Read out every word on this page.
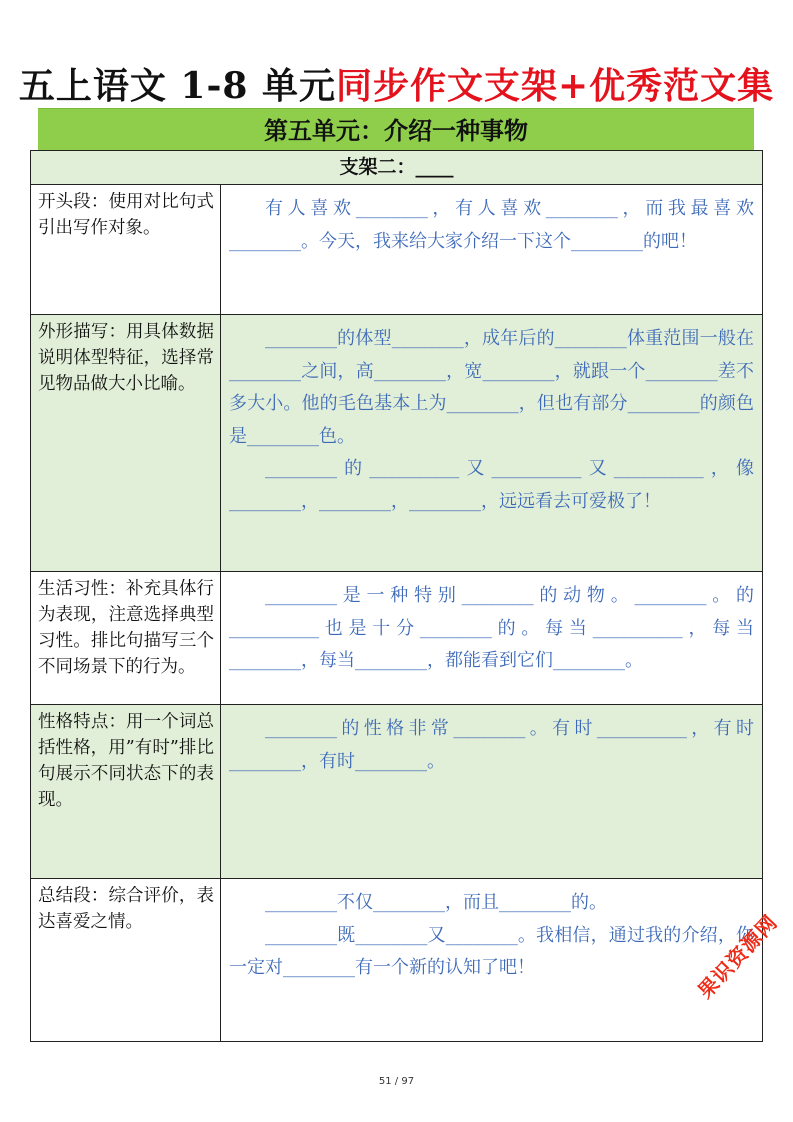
五上语文 1-8 单元同步作文支架+优秀范文集
第五单元：介绍一种事物
支架二：____	
开头段：使用对比句式引出写作对象。	有人喜欢________，有人喜欢________，而我最喜欢________。今天，我来给大家介绍一下这个________的吧！

外形描写：用具体数据说明体型特征，选择常见物品做大小比喻。	________的体型________，成年后的________体重范围一般在________之间，高________，宽________，就跟一个________差不多大小。他的毛色基本上为________，但也有部分________的颜色是________色。

________的__________又__________又__________，像________，________，________，远远看去可爱极了！

生活习性：补充具体行为表现，注意选择典型习性。排比句描写三个不同场景下的行为。	________是一种特别________的动物。________。的__________也是十分________的。每当__________，每当________，每当________，都能看到它们________。

性格特点：用一个词总括性格，用”有时”排比句展示不同状态下的表现。	________的性格非常________。有时__________，有时________，有时________。

总结段：综合评价，表达喜爱之情。	________不仅________，而且________的。

________既________又________。我相信，通过我的介绍，你一定对________有一个新的认知了吧！	果识资源网
51 / 97
